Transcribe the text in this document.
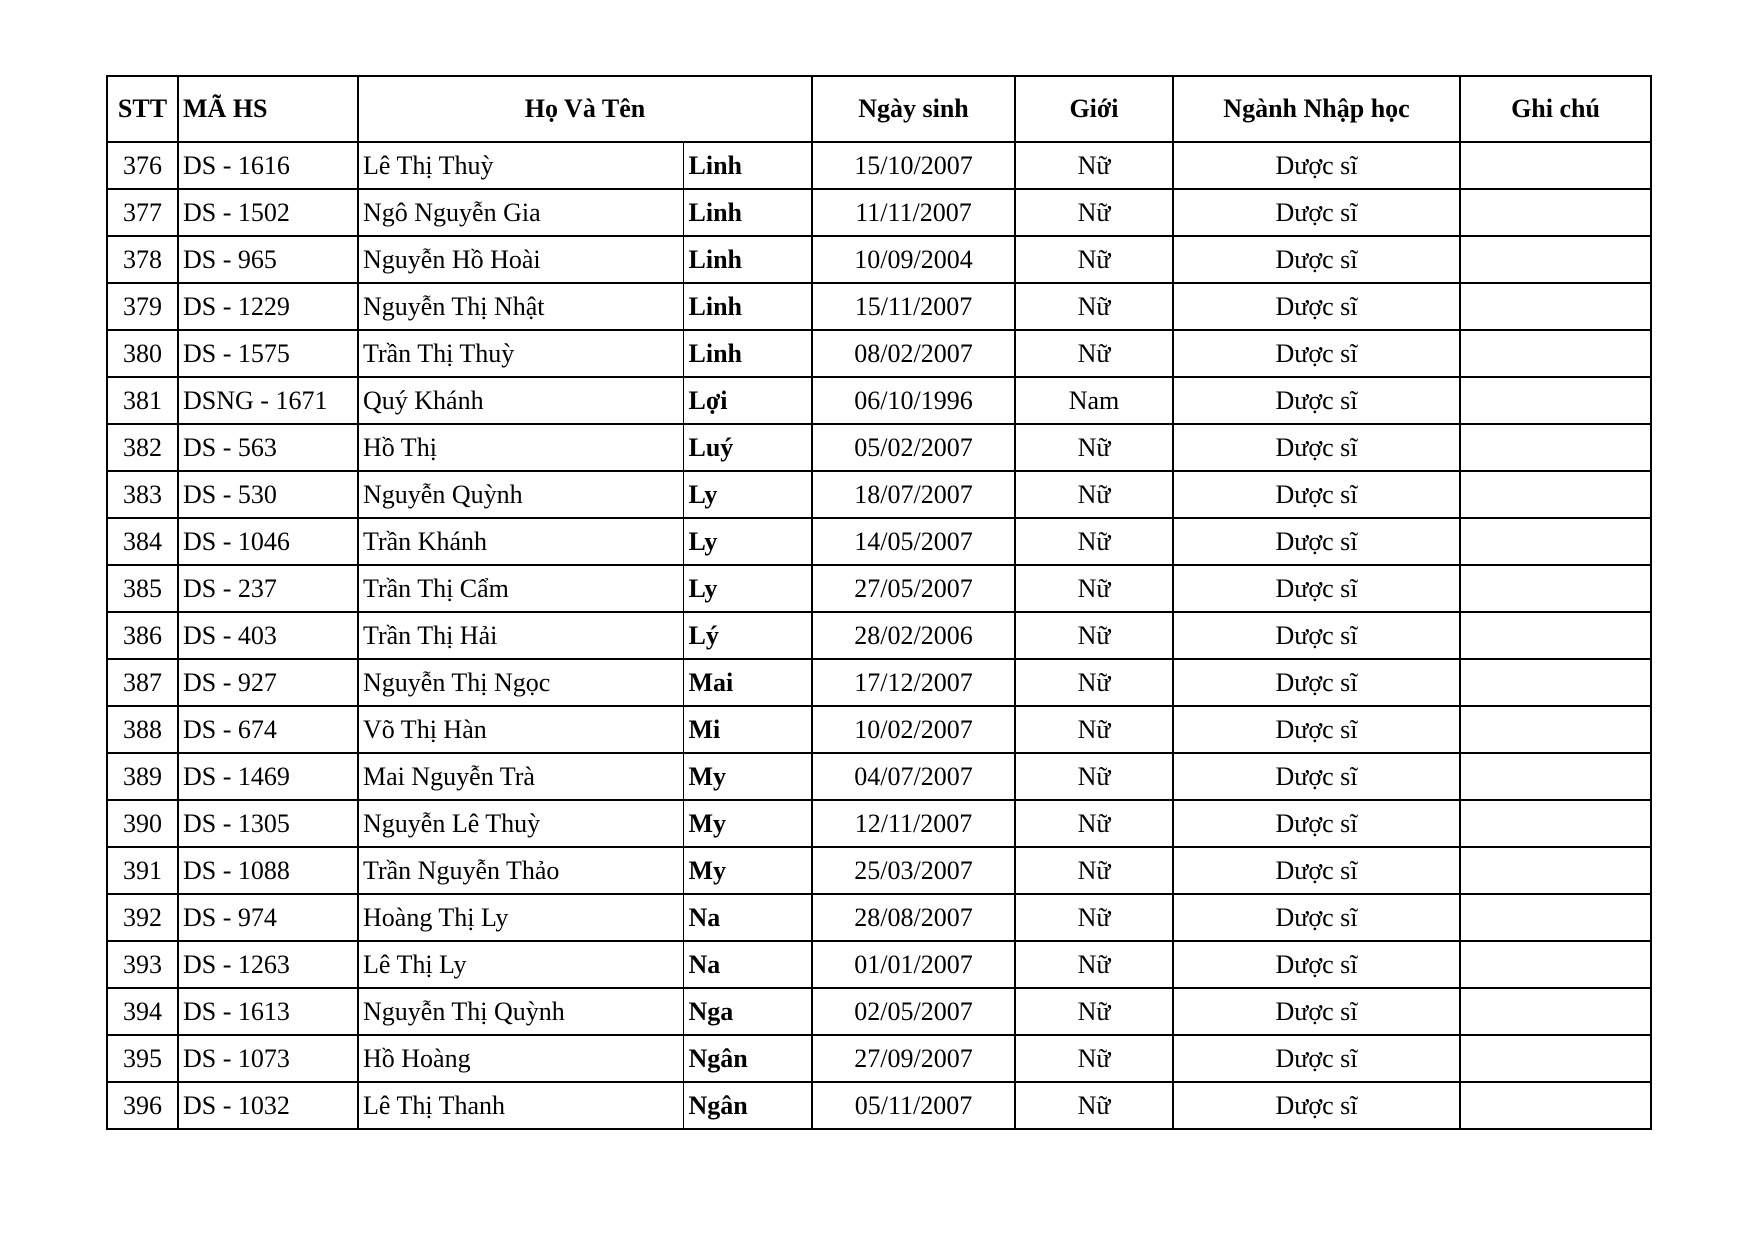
STT	MÃ HS	Họ Và Tên		Ngày sinh	Giới	Ngành Nhập học	Ghi chú
376	DS - 1616	Lê Thị Thuỳ	Linh	15/10/2007	Nữ	Dược sĩ	
377	DS - 1502	Ngô Nguyễn Gia	Linh	11/11/2007	Nữ	Dược sĩ	
378	DS - 965	Nguyễn Hồ Hoài	Linh	10/09/2004	Nữ	Dược sĩ	
379	DS - 1229	Nguyễn Thị Nhật	Linh	15/11/2007	Nữ	Dược sĩ	
380	DS - 1575	Trần Thị Thuỳ	Linh	08/02/2007	Nữ	Dược sĩ	
381	DSNG - 1671	Quý Khánh	Lợi	06/10/1996	Nam	Dược sĩ	
382	DS - 563	Hồ Thị	Luý	05/02/2007	Nữ	Dược sĩ	
383	DS - 530	Nguyễn Quỳnh	Ly	18/07/2007	Nữ	Dược sĩ	
384	DS - 1046	Trần Khánh	Ly	14/05/2007	Nữ	Dược sĩ	
385	DS - 237	Trần Thị Cẩm	Ly	27/05/2007	Nữ	Dược sĩ	
386	DS - 403	Trần Thị Hải	Lý	28/02/2006	Nữ	Dược sĩ	
387	DS - 927	Nguyễn Thị Ngọc	Mai	17/12/2007	Nữ	Dược sĩ	
388	DS - 674	Võ Thị Hàn	Mi	10/02/2007	Nữ	Dược sĩ	
389	DS - 1469	Mai Nguyễn Trà	My	04/07/2007	Nữ	Dược sĩ	
390	DS - 1305	Nguyễn Lê Thuỳ	My	12/11/2007	Nữ	Dược sĩ	
391	DS - 1088	Trần Nguyễn Thảo	My	25/03/2007	Nữ	Dược sĩ	
392	DS - 974	Hoàng Thị Ly	Na	28/08/2007	Nữ	Dược sĩ	
393	DS - 1263	Lê Thị Ly	Na	01/01/2007	Nữ	Dược sĩ	
394	DS - 1613	Nguyễn Thị Quỳnh	Nga	02/05/2007	Nữ	Dược sĩ	
395	DS - 1073	Hồ Hoàng	Ngân	27/09/2007	Nữ	Dược sĩ	
396	DS - 1032	Lê Thị Thanh	Ngân	05/11/2007	Nữ	Dược sĩ	
